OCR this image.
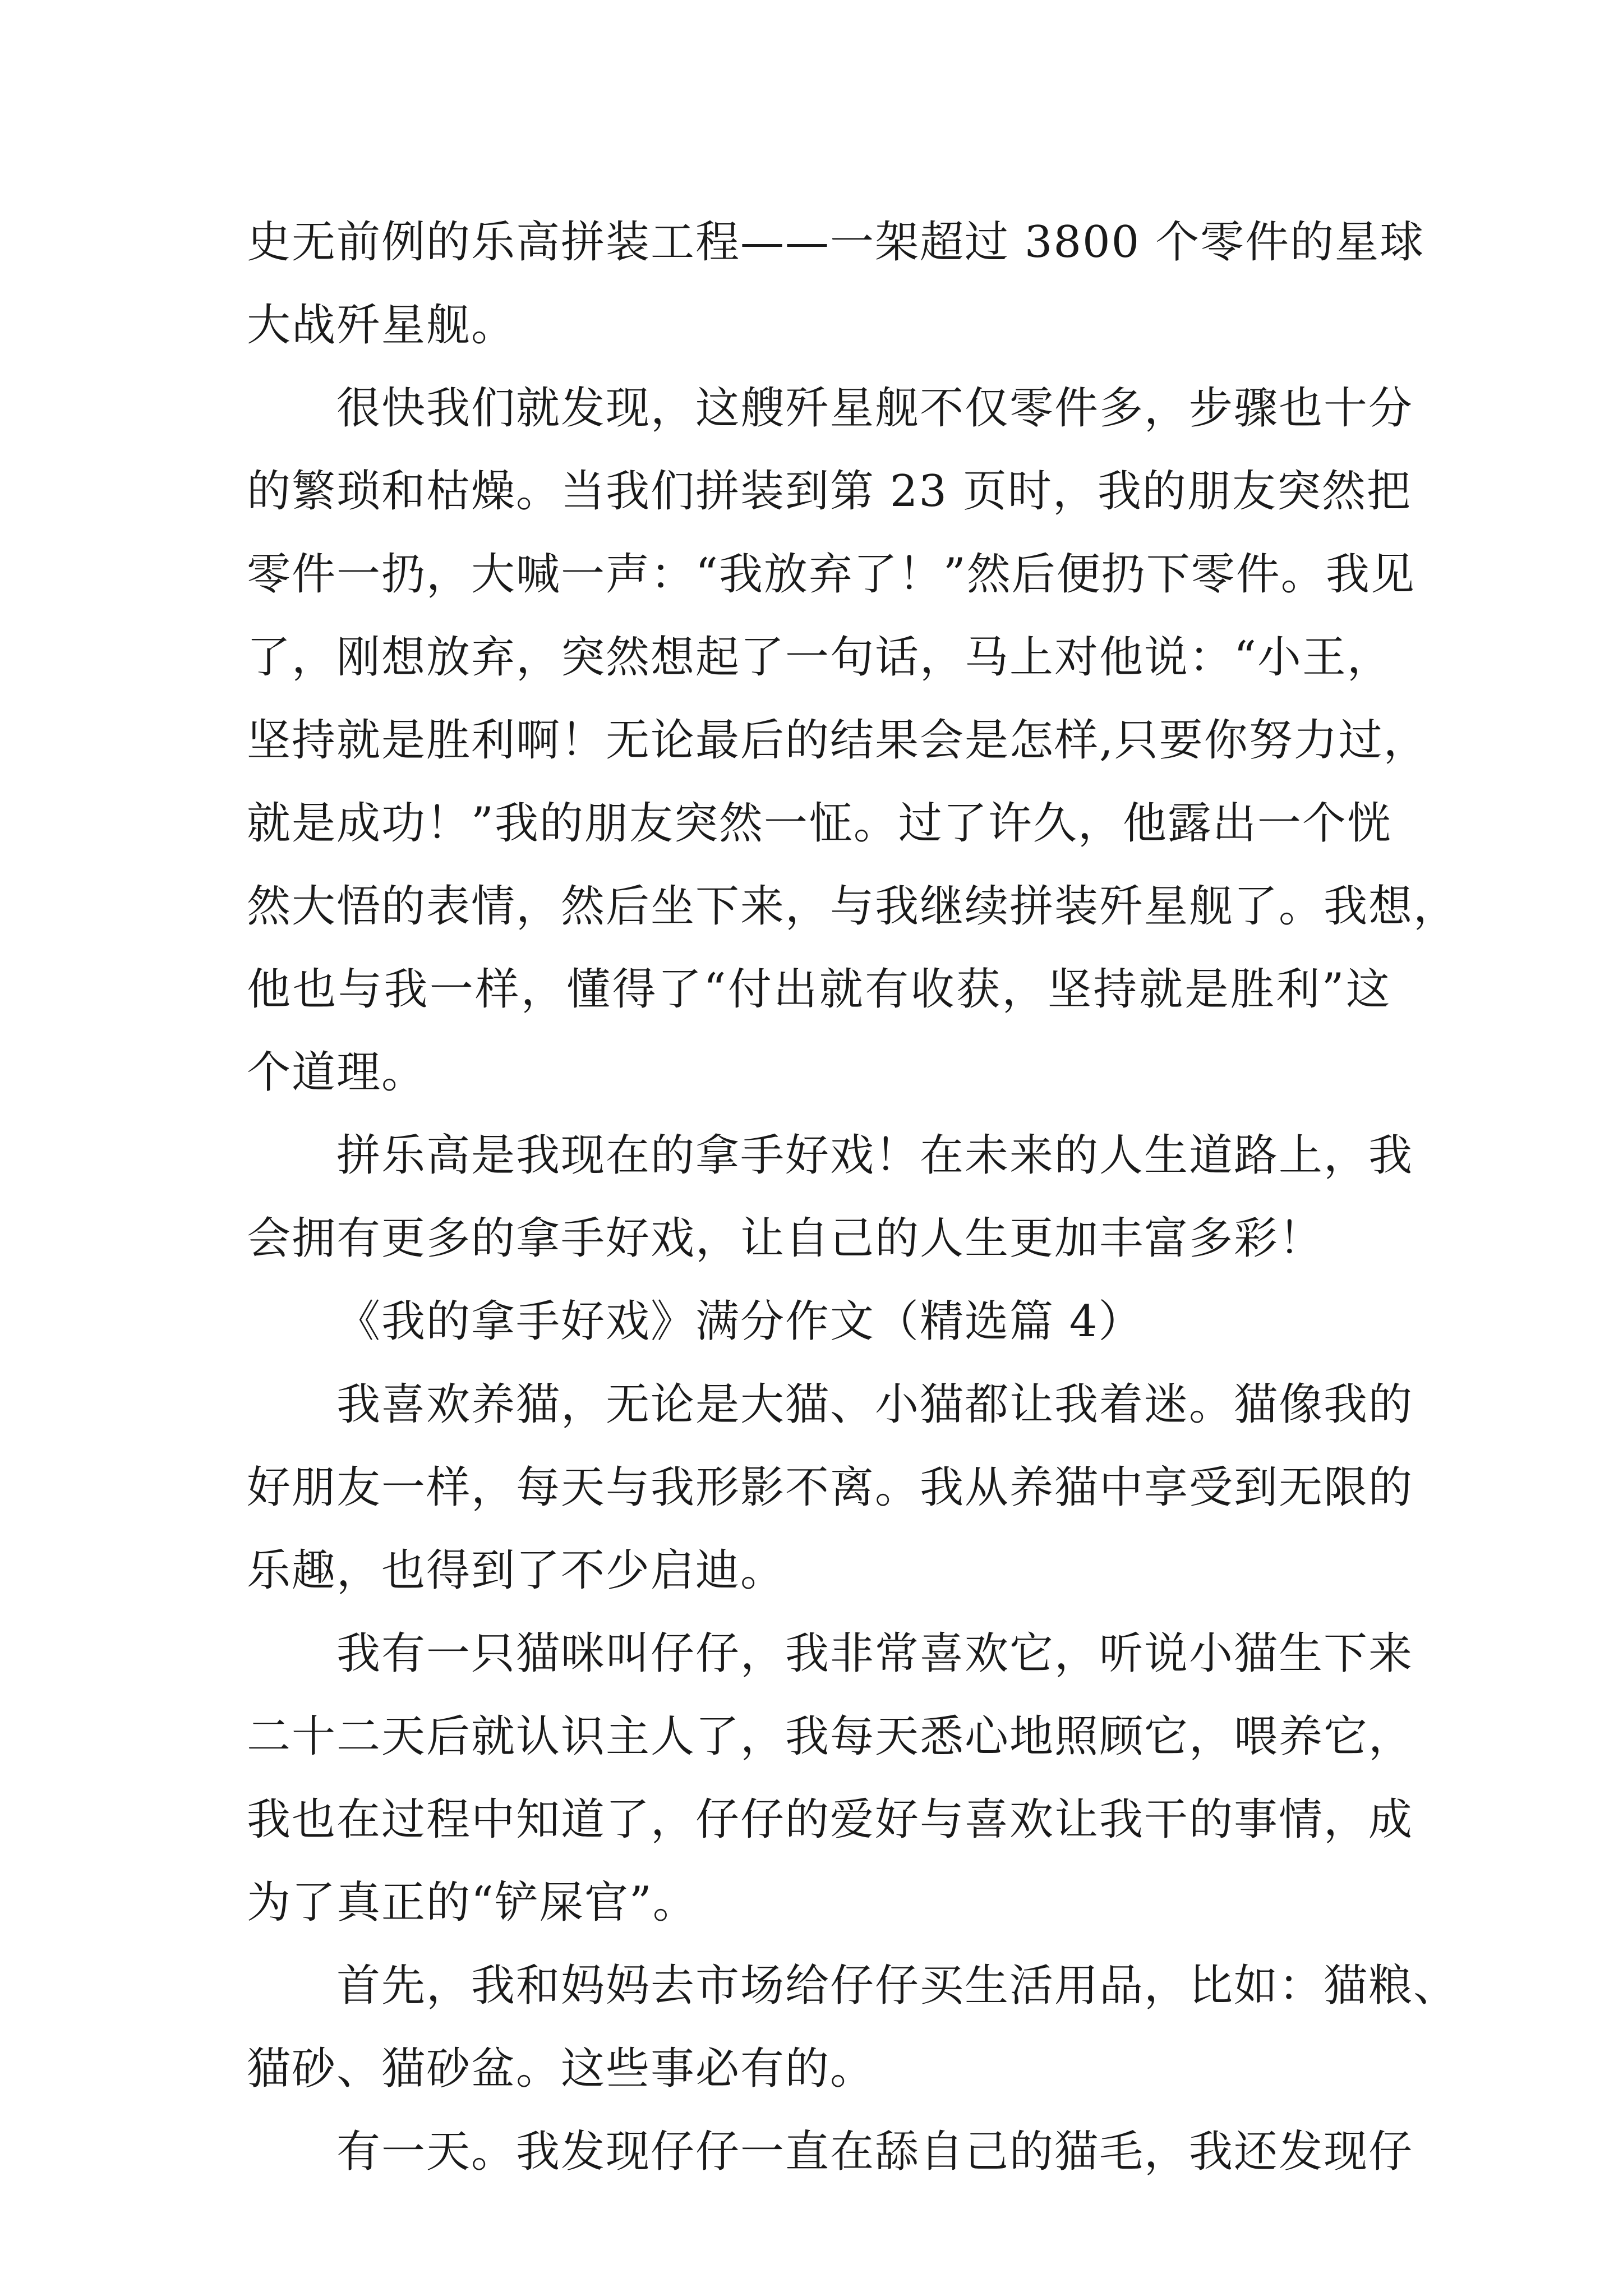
史无前例的乐高拼装工程——一架超过 3800 个零件的星球
大战歼星舰。
很快我们就发现，这艘歼星舰不仅零件多，步骤也十分
的繁琐和枯燥。当我们拼装到第 23 页时，我的朋友突然把
零件一扔，大喊一声：“我放弃了！”然后便扔下零件。我见
了，刚想放弃，突然想起了一句话，马上对他说：“小王，
坚持就是胜利啊！无论最后的结果会是怎样,只要你努力过，
就是成功！”我的朋友突然一怔。过了许久，他露出一个恍
然大悟的表情，然后坐下来，与我继续拼装歼星舰了。我想，
他也与我一样，懂得了“付出就有收获，坚持就是胜利”这
个道理。
拼乐高是我现在的拿手好戏！在未来的人生道路上，我
会拥有更多的拿手好戏，让自己的人生更加丰富多彩！
《我的拿手好戏》满分作文（精选篇 4）
我喜欢养猫，无论是大猫、小猫都让我着迷。猫像我的
好朋友一样，每天与我形影不离。我从养猫中享受到无限的
乐趣，也得到了不少启迪。
我有一只猫咪叫仔仔，我非常喜欢它，听说小猫生下来
二十二天后就认识主人了，我每天悉心地照顾它，喂养它，
我也在过程中知道了，仔仔的爱好与喜欢让我干的事情，成
为了真正的“铲屎官”。
首先，我和妈妈去市场给仔仔买生活用品，比如：猫粮、
猫砂、猫砂盆。这些事必有的。
有一天。我发现仔仔一直在舔自己的猫毛，我还发现仔
